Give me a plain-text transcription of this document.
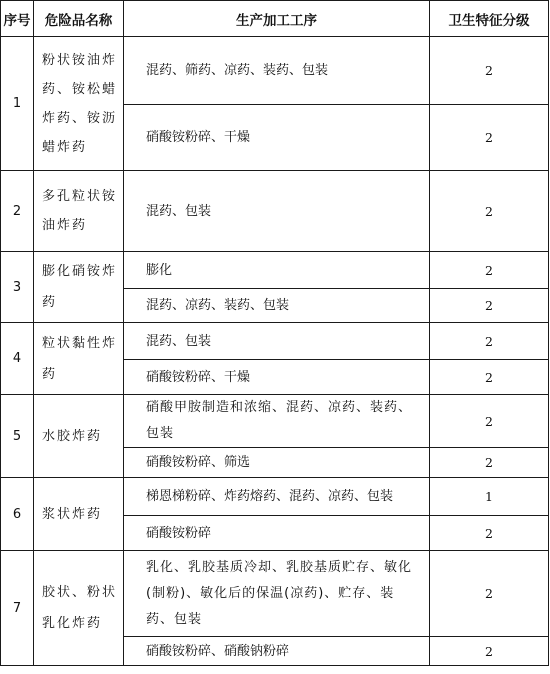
序号	危险品名称	生产加工工序	卫生特征分级
1	粉状铵油炸药、铵松蜡炸药、铵沥蜡炸药	混药、筛药、凉药、装药、包装	2
		硝酸铵粉碎、干燥	2
2	多孔粒状铵油炸药	混药、包装	2
3	膨化硝铵炸药	膨化	2
		混药、凉药、装药、包装	2
4	粒状黏性炸药	混药、包装	2
		硝酸铵粉碎、干燥	2
5	水胶炸药	硝酸甲胺制造和浓缩、混药、凉药、装药、包装	2
		硝酸铵粉碎、筛选	2
6	浆状炸药	梯恩梯粉碎、炸药熔药、混药、凉药、包装	1
		硝酸铵粉碎	2
7	胶状、粉状乳化炸药	乳化、乳胶基质冷却、乳胶基质贮存、敏化(制粉)、敏化后的保温(凉药)、贮存、装药、包装	2
		硝酸铵粉碎、硝酸钠粉碎	2
